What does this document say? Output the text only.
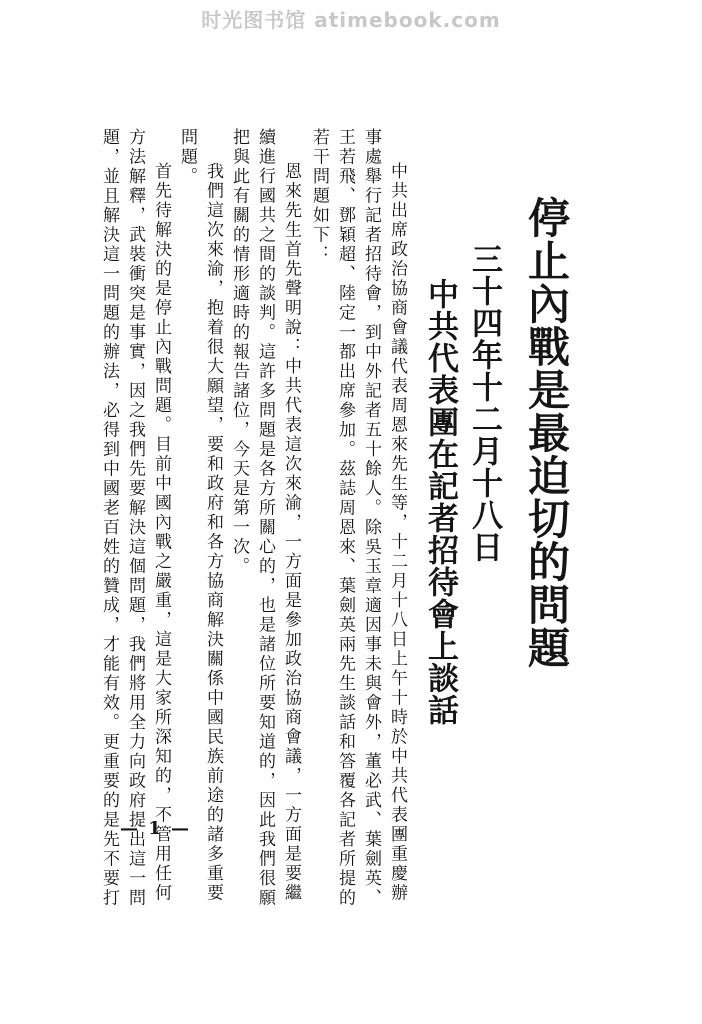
时光图书馆 atimebook.com
停止內戰是最迫切的問題
三十四年十二月十八日
中共代表團在記者招待會上談話
中共出席政治協商會議代表周恩來先生等，十二月十八日上午十時於中共代表團重慶辦
事處舉行記者招待會，到中外記者五十餘人。除吳玉章適因事未與會外，董必武、葉劍英、
王若飛、鄧穎超、陸定一都出席參加。茲誌周恩來、葉劍英兩先生談話和答覆各記者所提的
若干問題如下：
恩來先生首先聲明說：中共代表這次來渝，一方面是參加政治協商會議，一方面是要繼
續進行國共之間的談判。這許多問題是各方所關心的，也是諸位所要知道的，因此我們很願
把與此有關的情形適時的報告諸位，今天是第一次。
我們這次來渝，抱着很大願望，要和政府和各方協商解決關係中國民族前途的諸多重要
問題。
首先待解決的是停止內戰問題。目前中國內戰之嚴重，這是大家所深知的，不管用任何
方法解釋，武裝衝突是事實，因之我們先要解決這個問題，我們將用全力向政府提出這一問
題，並且解決這一問題的辦法，必得到中國老百姓的贊成，才能有效。更重要的是先不要打 — 1 —
